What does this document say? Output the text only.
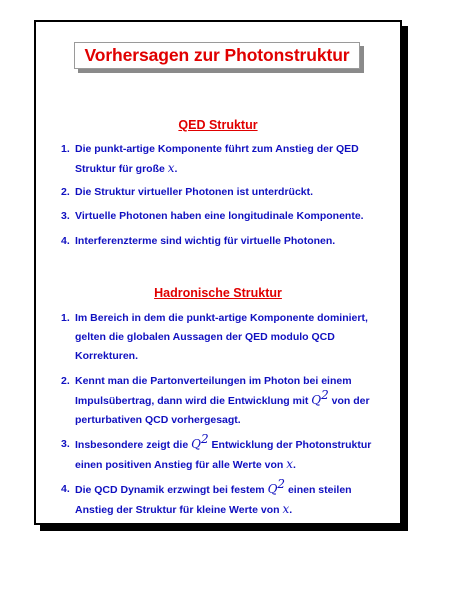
Vorhersagen zur Photonstruktur
QED Struktur
1. Die punkt-artige Komponente führt zum Anstieg der QED
Struktur für große x.
2. Die Struktur virtueller Photonen ist unterdrückt.
3. Virtuelle Photonen haben eine longitudinale Komponente.
4. Interferenzterme sind wichtig für virtuelle Photonen.
Hadronische Struktur
1. Im Bereich in dem die punkt-artige Komponente dominiert,
gelten die globalen Aussagen der QED modulo QCD
Korrekturen.
2. Kennt man die Partonverteilungen im Photon bei einem
Impulsübertrag, dann wird die Entwicklung mit $Q^2$ von der
perturbativen QCD vorhergesagt.
3. Insbesondere zeigt die $Q^2$ Entwicklung der Photonstruktur
einen positiven Anstieg für alle Werte von x.
4. Die QCD Dynamik erzwingt bei festem $Q^2$ einen steilen
Anstieg der Struktur für kleine Werte von x.
